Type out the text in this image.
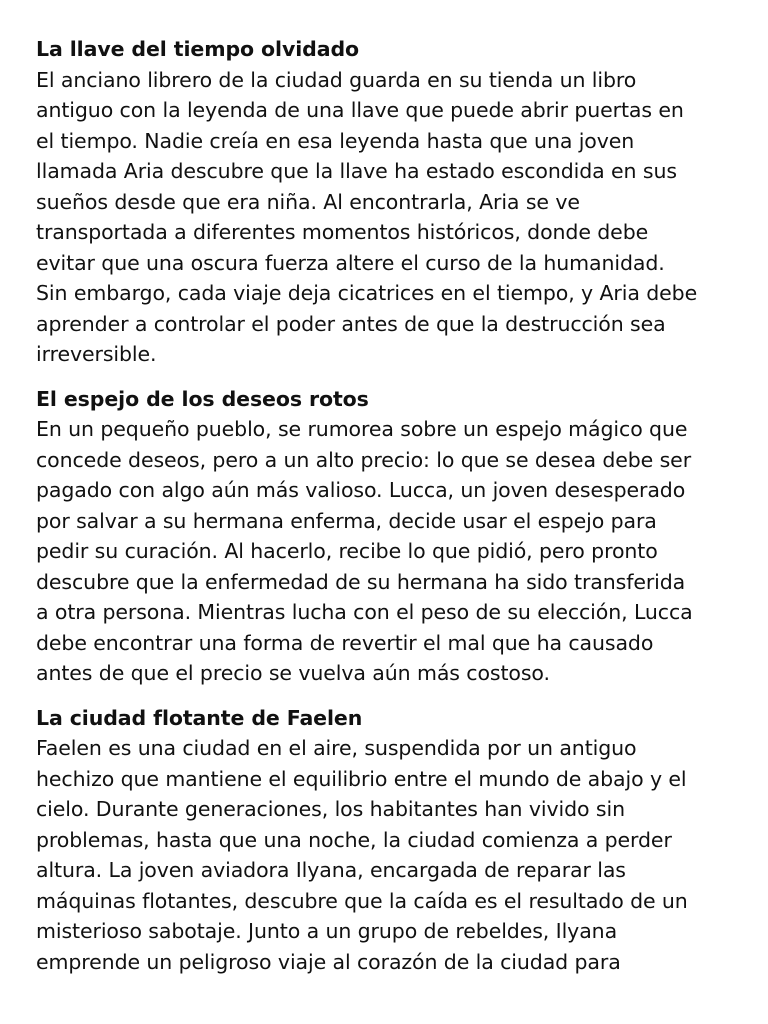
La llave del tiempo olvidado

El anciano librero de la ciudad guarda en su tienda un libro
antiguo con la leyenda de una llave que puede abrir puertas en
el tiempo. Nadie creía en esa leyenda hasta que una joven
llamada Aria descubre que la llave ha estado escondida en sus
sueños desde que era niña. Al encontrarla, Aria se ve
transportada a diferentes momentos históricos, donde debe
evitar que una oscura fuerza altere el curso de la humanidad.
Sin embargo, cada viaje deja cicatrices en el tiempo, y Aria debe
aprender a controlar el poder antes de que la destrucción sea
irreversible.

El espejo de los deseos rotos

En un pequeño pueblo, se rumorea sobre un espejo mágico que
concede deseos, pero a un alto precio: lo que se desea debe ser
pagado con algo aún más valioso. Lucca, un joven desesperado
por salvar a su hermana enferma, decide usar el espejo para
pedir su curación. Al hacerlo, recibe lo que pidió, pero pronto
descubre que la enfermedad de su hermana ha sido transferida
a otra persona. Mientras lucha con el peso de su elección, Lucca
debe encontrar una forma de revertir el mal que ha causado
antes de que el precio se vuelva aún más costoso.

La ciudad flotante de Faelen

Faelen es una ciudad en el aire, suspendida por un antiguo
hechizo que mantiene el equilibrio entre el mundo de abajo y el
cielo. Durante generaciones, los habitantes han vivido sin
problemas, hasta que una noche, la ciudad comienza a perder
altura. La joven aviadora Ilyana, encargada de reparar las
máquinas flotantes, descubre que la caída es el resultado de un
misterioso sabotaje. Junto a un grupo de rebeldes, Ilyana
emprende un peligroso viaje al corazón de la ciudad para
